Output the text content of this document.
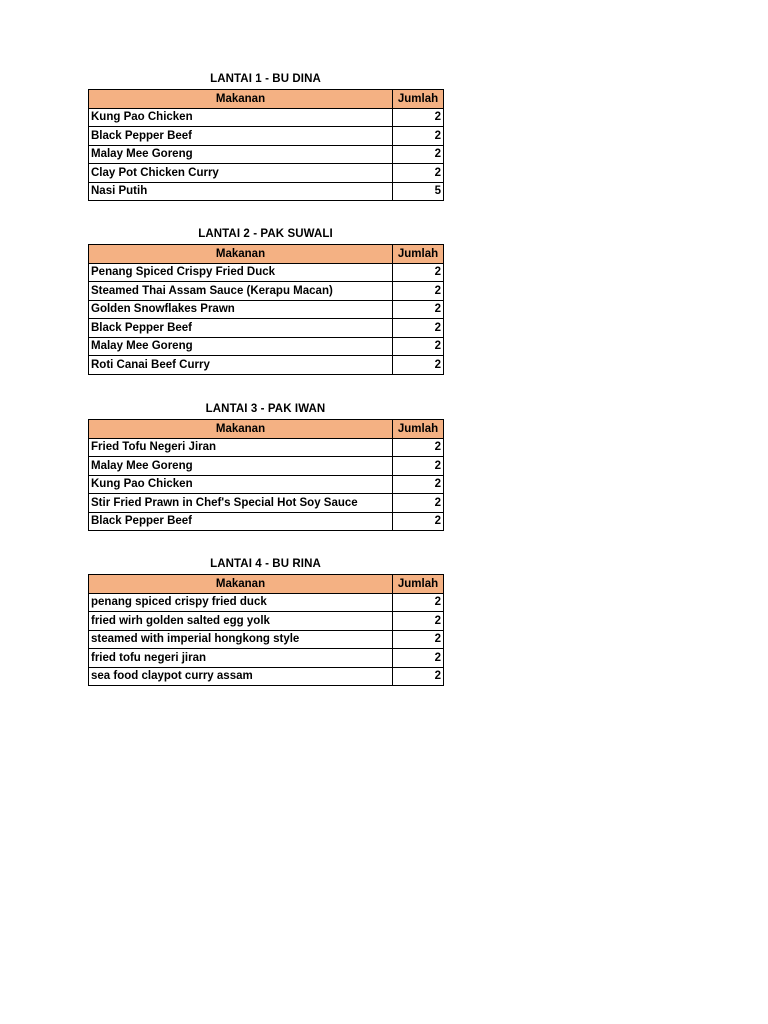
LANTAI 1 - BU DINA
Makanan	Jumlah
Kung Pao Chicken	2
Black Pepper Beef	2
Malay Mee Goreng	2
Clay Pot Chicken Curry	2
Nasi Putih	5
LANTAI 2 - PAK SUWALI
Makanan	Jumlah
Penang Spiced Crispy Fried Duck	2
Steamed Thai Assam Sauce (Kerapu Macan)	2
Golden Snowflakes Prawn	2
Black Pepper Beef	2
Malay Mee Goreng	2
Roti Canai Beef Curry	2
LANTAI 3 - PAK IWAN
Makanan	Jumlah
Fried Tofu Negeri Jiran	2
Malay Mee Goreng	2
Kung Pao Chicken	2
Stir Fried Prawn in Chef's Special Hot Soy Sauce	2
Black Pepper Beef	2
LANTAI 4 - BU RINA
Makanan	Jumlah
penang spiced crispy fried duck	2
fried wirh golden salted egg yolk	2
steamed with imperial hongkong style	2
fried tofu negeri jiran	2
sea food claypot curry assam	2
